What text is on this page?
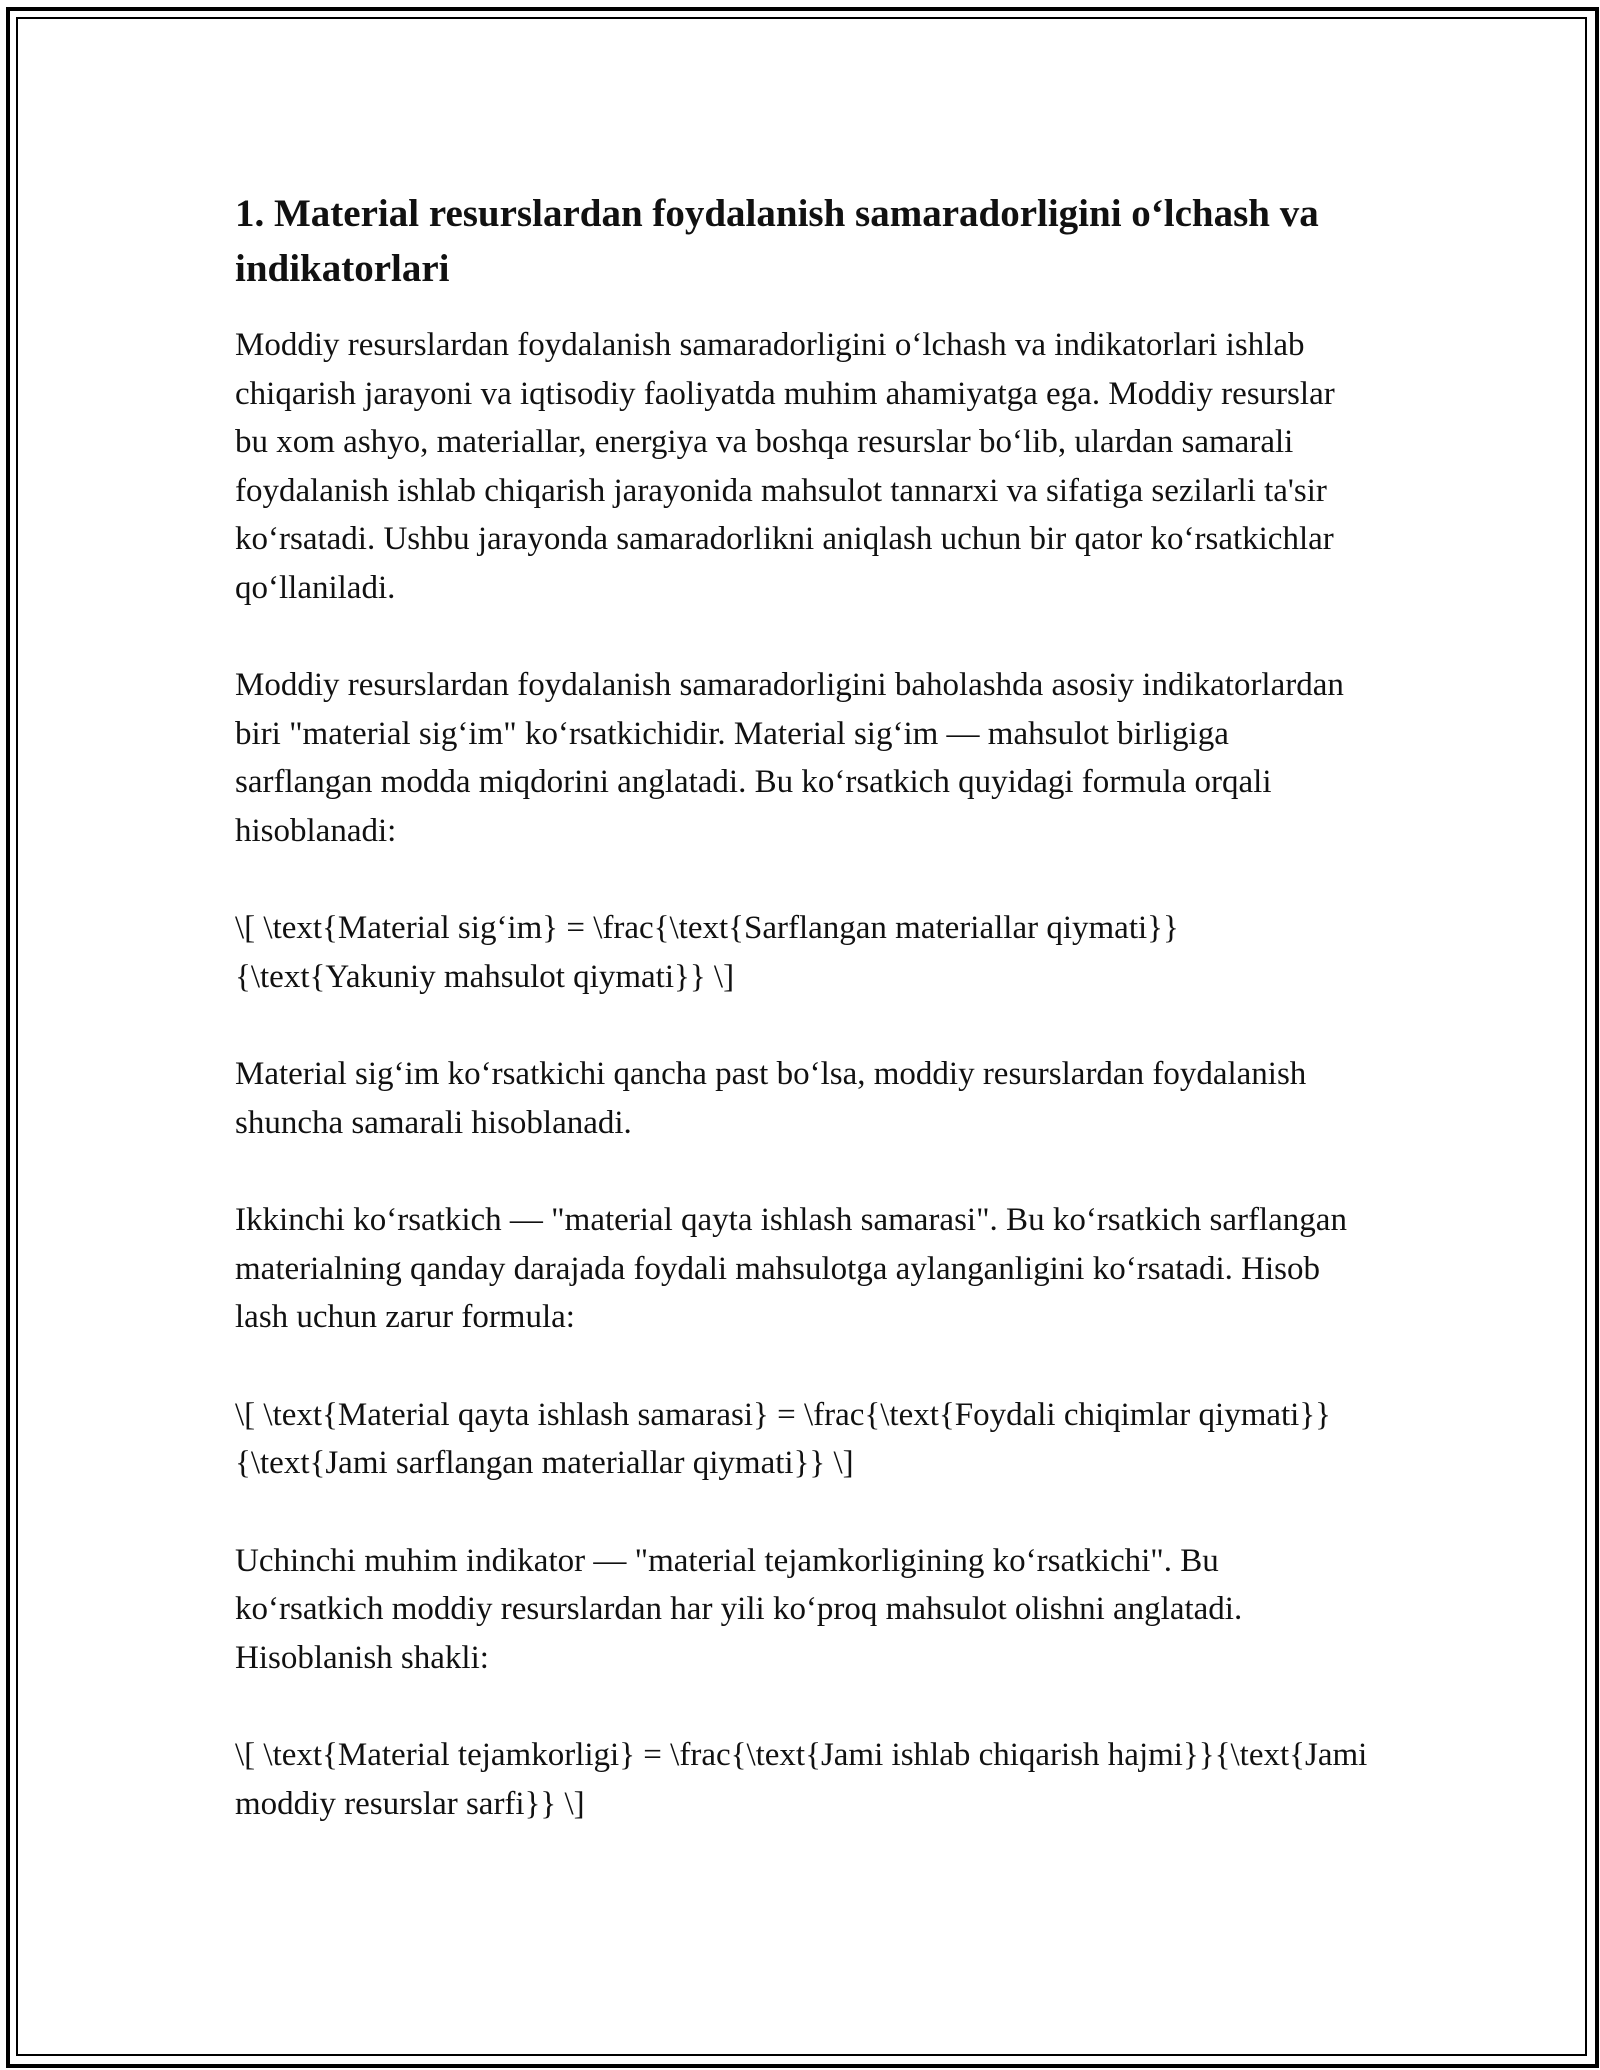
1. Material resurslardan foydalanish samaradorligini o‘lchash va indikatorlari

Moddiy resurslardan foydalanish samaradorligini o‘lchash va indikatorlari ishlab chiqarish jarayoni va iqtisodiy faoliyatda muhim ahamiyatga ega. Moddiy resurslar bu xom ashyo, materiallar, energiya va boshqa resurslar bo‘lib, ulardan samarali foydalanish ishlab chiqarish jarayonida mahsulot tannarxi va sifatiga sezilarli ta'sir ko‘rsatadi. Ushbu jarayonda samaradorlikni aniqlash uchun bir qator ko‘rsatkichlar qo‘llaniladi.

Moddiy resurslardan foydalanish samaradorligini baholashda asosiy indikatorlardan biri "material sig‘im" ko‘rsatkichidir. Material sig‘im — mahsulot birligiga sarflangan modda miqdorini anglatadi. Bu ko‘rsatkich quyidagi formula orqali hisoblanadi:

\[ \text{Material sig‘im} = \frac{\text{Sarflangan materiallar qiymati}}{\text{Yakuniy mahsulot qiymati}} \]

Material sig‘im ko‘rsatkichi qancha past bo‘lsa, moddiy resurslardan foydalanish shuncha samarali hisoblanadi.

Ikkinchi ko‘rsatkich — "material qayta ishlash samarasi". Bu ko‘rsatkich sarflangan materialning qanday darajada foydali mahsulotga aylanganligini ko‘rsatadi. Hisob lash uchun zarur formula:

\[ \text{Material qayta ishlash samarasi} = \frac{\text{Foydali chiqimlar qiymati}}{\text{Jami sarflangan materiallar qiymati}} \]

Uchinchi muhim indikator — "material tejamkorligining ko‘rsatkichi". Bu ko‘rsatkich moddiy resurslardan har yili ko‘proq mahsulot olishni anglatadi. Hisoblanish shakli:

\[ \text{Material tejamkorligi} = \frac{\text{Jami ishlab chiqarish hajmi}}{\text{Jami moddiy resurslar sarfi}} \]
